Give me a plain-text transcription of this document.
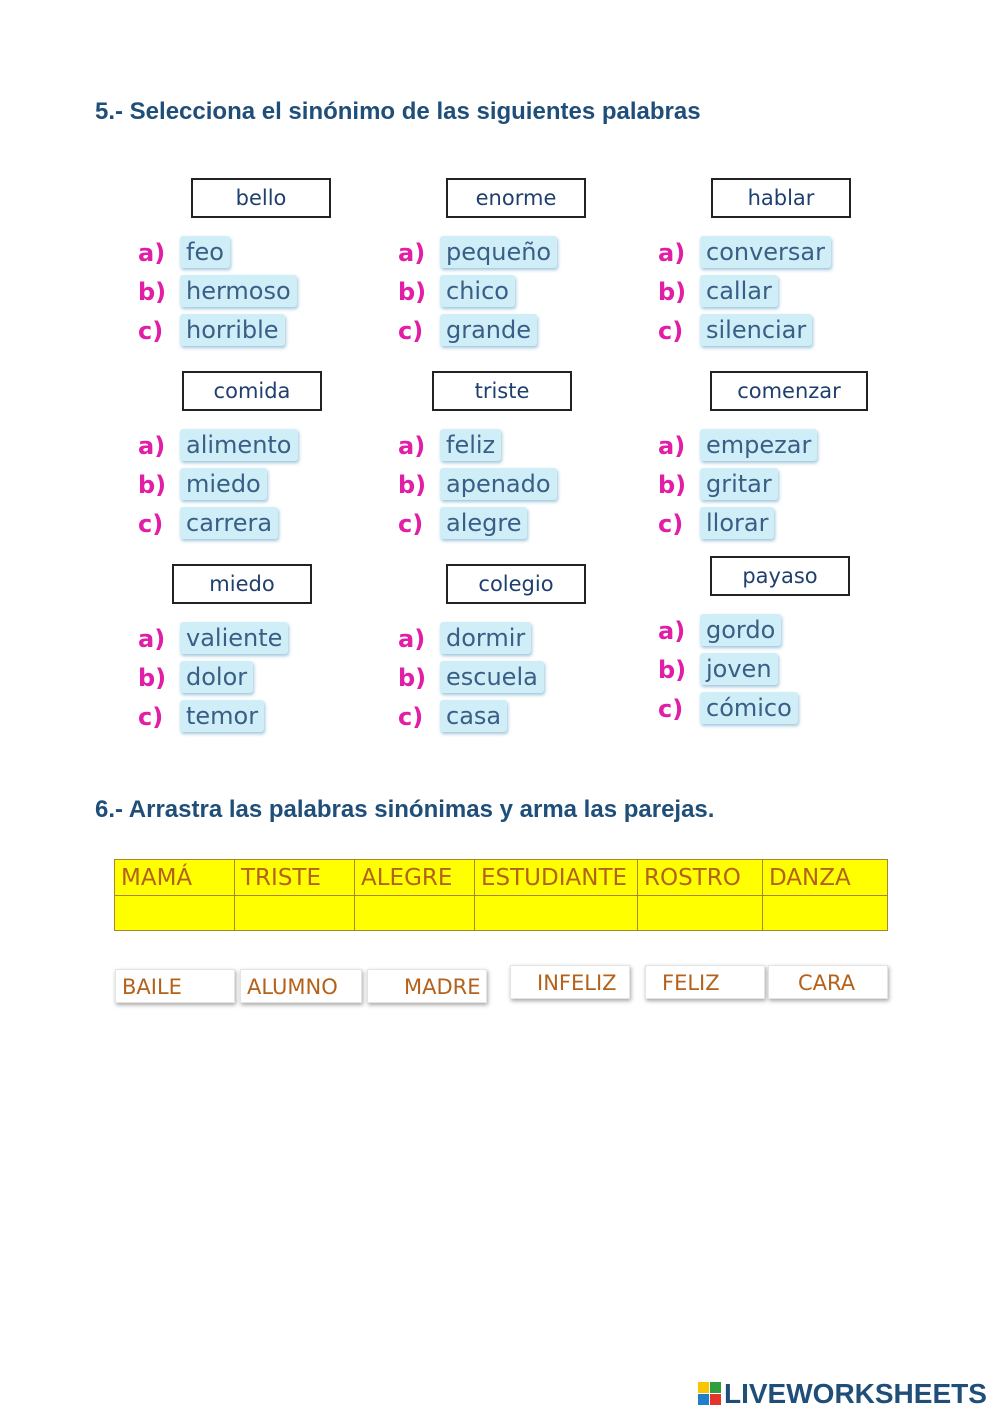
5.- Selecciona el sinónimo de las siguientes palabras
bello
a) feo
b) hermoso
c) horrible
enorme
a) pequeño
b) chico
c) grande
hablar
a) conversar
b) callar
c) silenciar
comida
a) alimento
b) miedo
c) carrera
triste
a) feliz
b) apenado
c) alegre
comenzar
a) empezar
b) gritar
c) llorar
miedo
a) valiente
b) dolor
c) temor
colegio
a) dormir
b) escuela
c) casa
payaso
a) gordo
b) joven
c) cómico
6.- Arrastra las palabras sinónimas y arma las parejas.
MAMÁ	TRISTE	ALEGRE	ESTUDIANTE	ROSTRO	DANZA

BAILE	ALUMNO	MADRE	INFELIZ	FELIZ	CARA
LIVEWORKSHEETS
